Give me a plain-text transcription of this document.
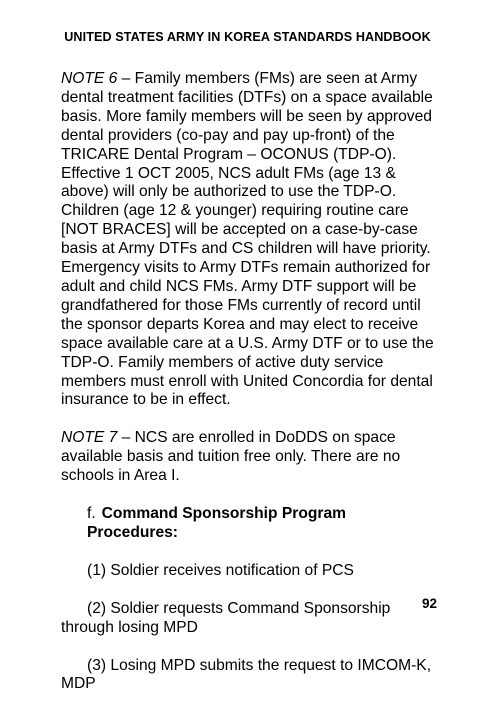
UNITED STATES ARMY IN KOREA STANDARDS HANDBOOK

NOTE 6 – Family members (FMs) are seen at Army dental treatment facilities (DTFs) on a space available basis. More family members will be seen by approved dental providers (co-pay and pay up-front) of the TRICARE Dental Program – OCONUS (TDP-O). Effective 1 OCT 2005, NCS adult FMs (age 13 & above) will only be authorized to use the TDP-O. Children (age 12 & younger) requiring routine care [NOT BRACES] will be accepted on a case-by-case basis at Army DTFs and CS children will have priority. Emergency visits to Army DTFs remain authorized for adult and child NCS FMs. Army DTF support will be grandfathered for those FMs currently of record until the sponsor departs Korea and may elect to receive space available care at a U.S. Army DTF or to use the TDP-O. Family members of active duty service members must enroll with United Concordia for dental insurance to be in effect.

NOTE 7 – NCS are enrolled in DoDDS on space available basis and tuition free only. There are no schools in Area I.

f. Command Sponsorship Program Procedures:

(1) Soldier receives notification of PCS

(2) Soldier requests Command Sponsorship through losing MPD

(3) Losing MPD submits the request to IMCOM-K, MDP

92
